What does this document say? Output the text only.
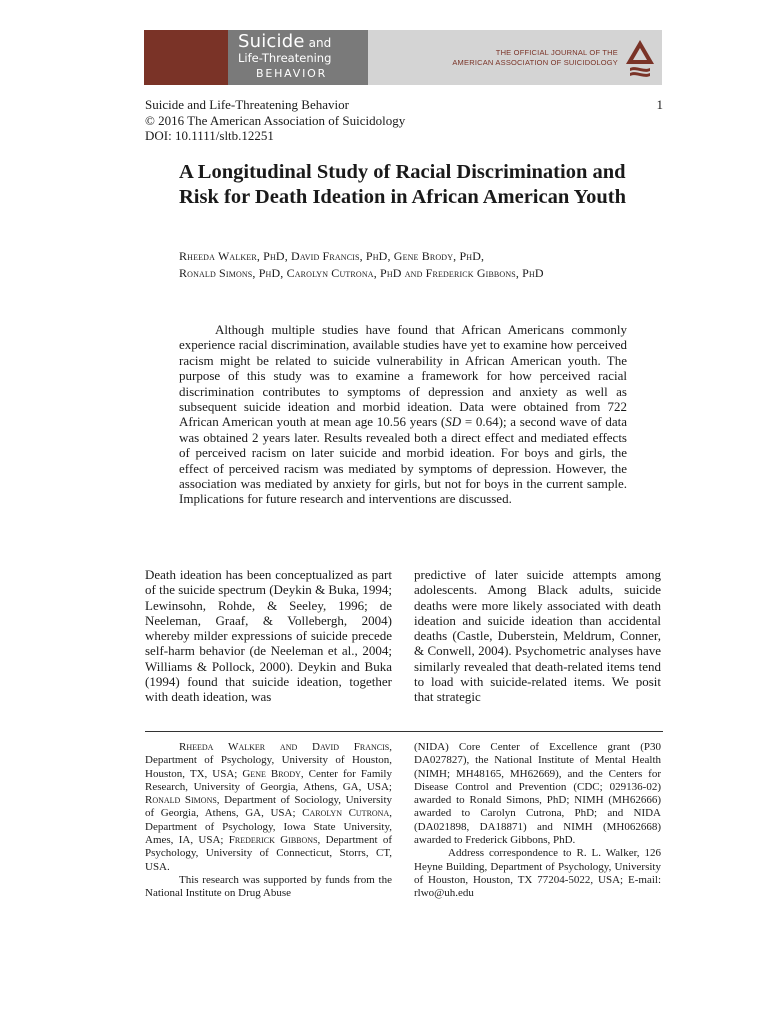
Suicide and
Life-Threatening
BEHAVIOR
THE OFFICIAL JOURNAL OF THE
AMERICAN ASSOCIATION OF SUICIDOLOGY
Suicide and Life-Threatening Behavior
© 2016 The American Association of Suicidology
DOI: 10.1111/sltb.12251
1
A Longitudinal Study of Racial Discrimination and Risk for Death Ideation in African American Youth
Rheeda Walker, PhD, David Francis, PhD, Gene Brody, PhD,
Ronald Simons, PhD, Carolyn Cutrona, PhD and Frederick Gibbons, PhD

Although multiple studies have found that African Americans commonly experience racial discrimination, available studies have yet to examine how perceived racism might be related to suicide vulnerability in African American youth. The purpose of this study was to examine a framework for how perceived racial discrimination contributes to symptoms of depression and anxiety as well as subsequent suicide ideation and morbid ideation. Data were obtained from 722 African American youth at mean age 10.56 years (SD = 0.64); a second wave of data was obtained 2 years later. Results revealed both a direct effect and mediated effects of perceived racism on later suicide and morbid ideation. For boys and girls, the effect of perceived racism was mediated by symptoms of depression. However, the association was mediated by anxiety for girls, but not for boys in the current sample. Implications for future research and interventions are discussed.

Death ideation has been conceptualized as part of the suicide spectrum (Deykin & Buka, 1994; Lewinsohn, Rohde, & Seeley, 1996; de Neeleman, Graaf, & Vollebergh, 2004) whereby milder expressions of suicide precede self-harm behavior (de Neeleman et al., 2004; Williams & Pollock, 2000). Deykin and Buka (1994) found that suicide ideation, together with death ideation, was

predictive of later suicide attempts among adolescents. Among Black adults, suicide deaths were more likely associated with death ideation and suicide ideation than accidental deaths (Castle, Duberstein, Meldrum, Conner, & Conwell, 2004). Psychometric analyses have similarly revealed that death-related items tend to load with suicide-related items. We posit that strategic

Rheeda Walker and David Francis, Department of Psychology, University of Houston, Houston, TX, USA; Gene Brody, Center for Family Research, University of Georgia, Athens, GA, USA; Ronald Simons, Department of Sociology, University of Georgia, Athens, GA, USA; Carolyn Cutrona, Department of Psychology, Iowa State University, Ames, IA, USA; Frederick Gibbons, Department of Psychology, University of Connecticut, Storrs, CT, USA.

This research was supported by funds from the National Institute on Drug Abuse

(NIDA) Core Center of Excellence grant (P30 DA027827), the National Institute of Mental Health (NIMH; MH48165, MH62669), and the Centers for Disease Control and Prevention (CDC; 029136-02) awarded to Ronald Simons, PhD; NIMH (MH62666) awarded to Carolyn Cutrona, PhD; and NIDA (DA021898, DA18871) and NIMH (MH062668) awarded to Frederick Gibbons, PhD.

Address correspondence to R. L. Walker, 126 Heyne Building, Department of Psychology, University of Houston, Houston, TX 77204-5022, USA; E-mail: rlwo@uh.edu
